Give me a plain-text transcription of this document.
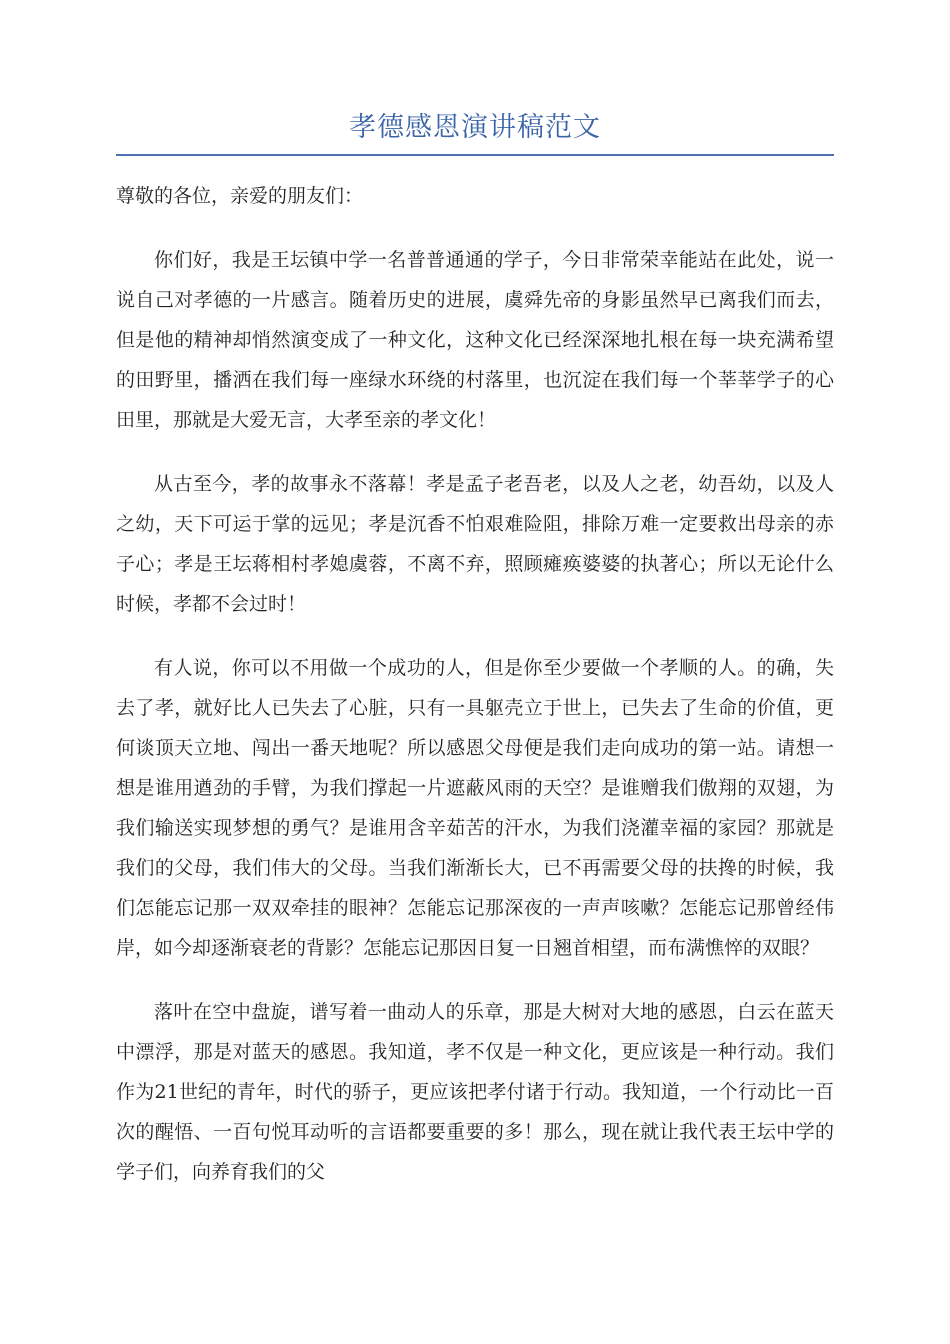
孝德感恩演讲稿范文

尊敬的各位，亲爱的朋友们：

你们好，我是王坛镇中学一名普普通通的学子，今日非常荣幸能站在此处，说一说自己对孝德的一片感言。随着历史的进展，虞舜先帝的身影虽然早已离我们而去，但是他的精神却悄然演变成了一种文化，这种文化已经深深地扎根在每一块充满希望的田野里，播洒在我们每一座绿水环绕的村落里，也沉淀在我们每一个莘莘学子的心田里，那就是大爱无言，大孝至亲的孝文化！

从古至今，孝的故事永不落幕！孝是孟子老吾老，以及人之老，幼吾幼，以及人之幼，天下可运于掌的远见；孝是沉香不怕艰难险阻，排除万难一定要救出母亲的赤子心；孝是王坛蒋相村孝媳虞蓉，不离不弃，照顾瘫痪婆婆的执著心；所以无论什么时候，孝都不会过时！

有人说，你可以不用做一个成功的人，但是你至少要做一个孝顺的人。的确，失去了孝，就好比人已失去了心脏，只有一具躯壳立于世上，已失去了生命的价值，更何谈顶天立地、闯出一番天地呢？所以感恩父母便是我们走向成功的第一站。请想一想是谁用遒劲的手臂，为我们撑起一片遮蔽风雨的天空？是谁赠我们傲翔的双翅，为我们输送实现梦想的勇气？是谁用含辛茹苦的汗水，为我们浇灌幸福的家园？那就是我们的父母，我们伟大的父母。当我们渐渐长大，已不再需要父母的扶搀的时候，我们怎能忘记那一双双牵挂的眼神？怎能忘记那深夜的一声声咳嗽？怎能忘记那曾经伟岸，如今却逐渐衰老的背影？怎能忘记那因日复一日翘首相望，而布满憔悴的双眼？

落叶在空中盘旋，谱写着一曲动人的乐章，那是大树对大地的感恩，白云在蓝天中漂浮，那是对蓝天的感恩。我知道，孝不仅是一种文化，更应该是一种行动。我们作为21世纪的青年，时代的骄子，更应该把孝付诸于行动。我知道，一个行动比一百次的醒悟、一百句悦耳动听的言语都要重要的多！那么，现在就让我代表王坛中学的学子们，向养育我们的父
